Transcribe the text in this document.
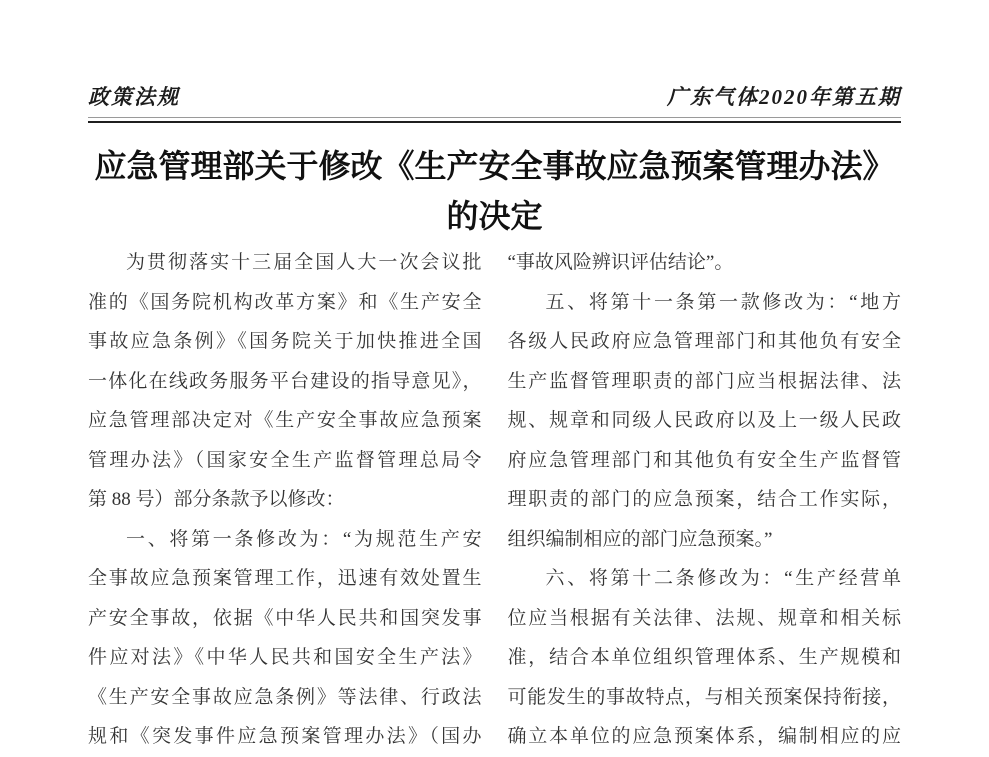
政策法规	广东气体2020年第五期
应急管理部关于修改《生产安全事故应急预案管理办法》
的决定
为贯彻落实十三届全国人大一次会议批
准的《国务院机构改革方案》和《生产安全
事故应急条例》《国务院关于加快推进全国
一体化在线政务服务平台建设的指导意见》，
应急管理部决定对《生产安全事故应急预案
管理办法》（国家安全生产监督管理总局令
第 88 号）部分条款予以修改：
一、将第一条修改为：“为规范生产安
全事故应急预案管理工作，迅速有效处置生
产安全事故，依据《中华人民共和国突发事
件应对法》《中华人民共和国安全生产法》
《生产安全事故应急条例》等法律、行政法
规和《突发事件应急预案管理办法》（国办
“事故风险辨识评估结论”。
五、将第十一条第一款修改为：“地方
各级人民政府应急管理部门和其他负有安全
生产监督管理职责的部门应当根据法律、法
规、规章和同级人民政府以及上一级人民政
府应急管理部门和其他负有安全生产监督管
理职责的部门的应急预案，结合工作实际，
组织编制相应的部门应急预案。”
六、将第十二条修改为：“生产经营单
位应当根据有关法律、法规、规章和相关标
准，结合本单位组织管理体系、生产规模和
可能发生的事故特点，与相关预案保持衔接，
确立本单位的应急预案体系，编制相应的应
